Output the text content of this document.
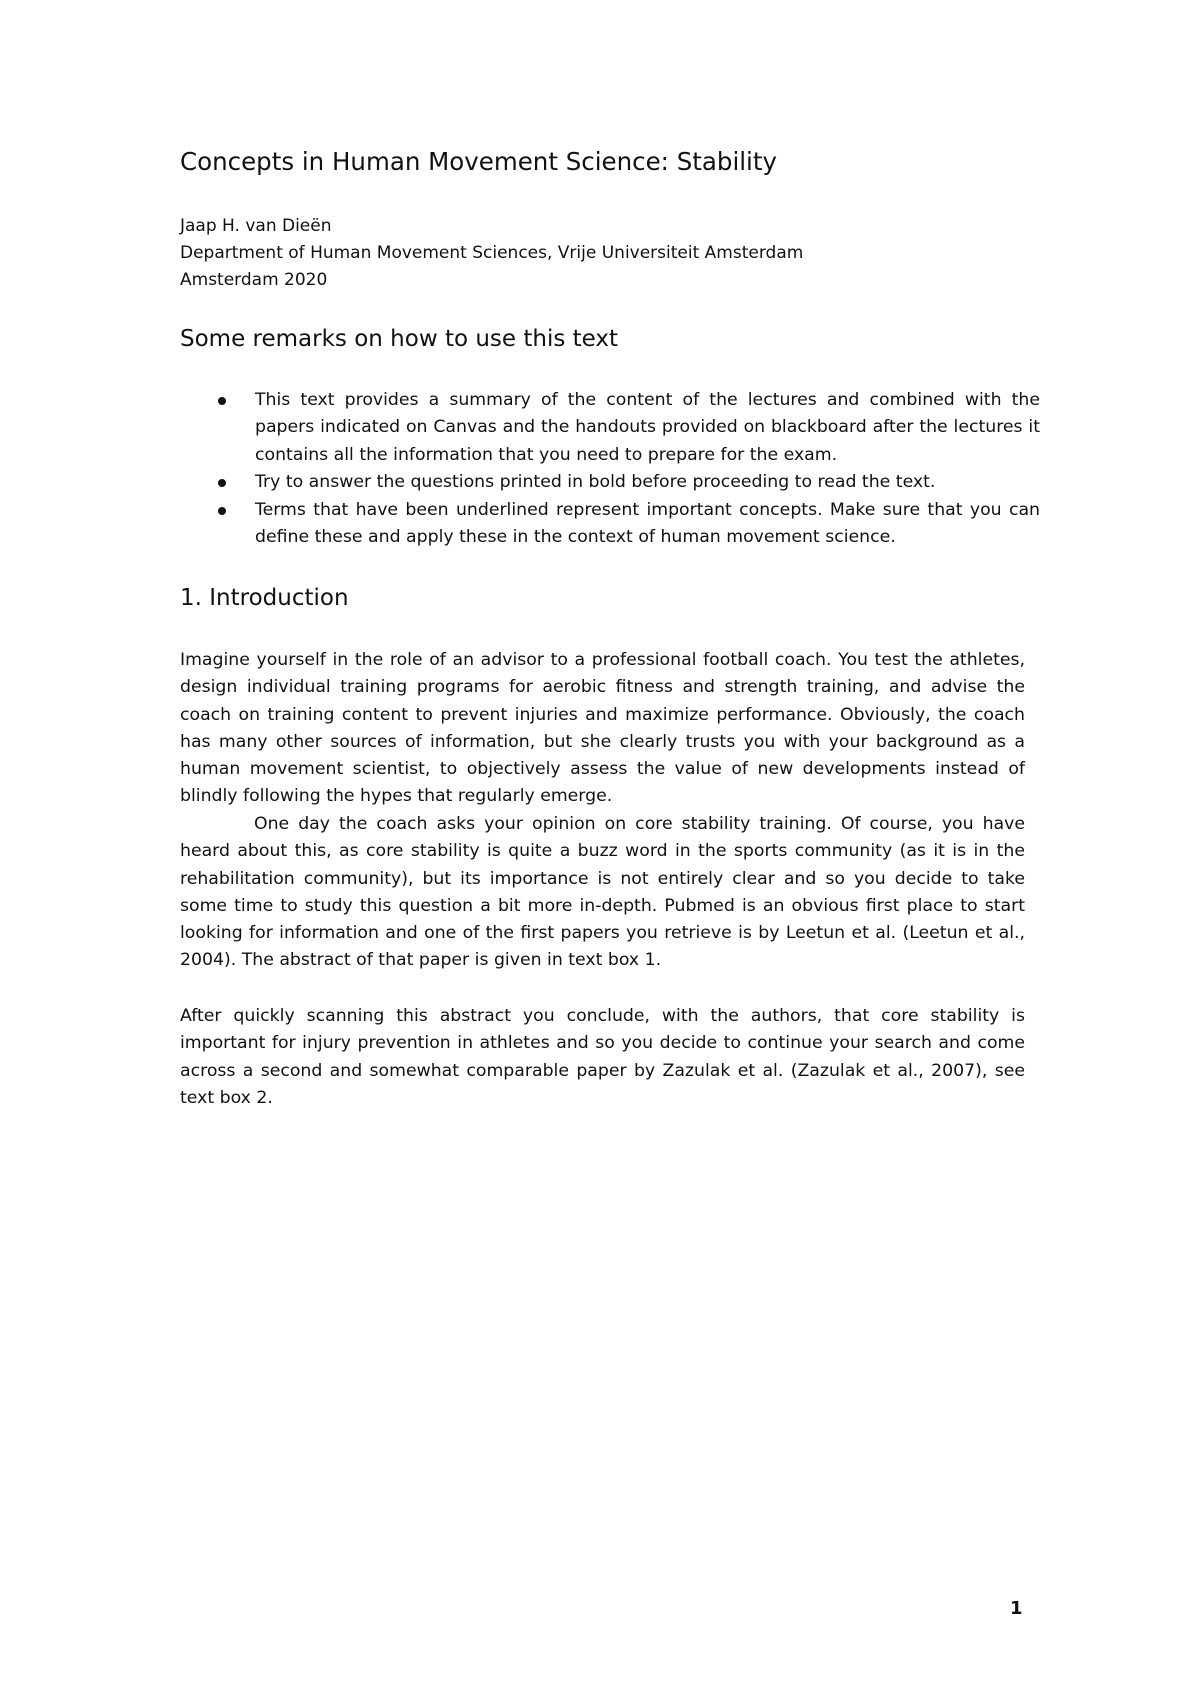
Concepts in Human Movement Science: Stability

Jaap H. van Dieën

Department of Human Movement Sciences, Vrije Universiteit Amsterdam

Amsterdam 2020

Some remarks on how to use this text
This text provides a summary of the content of the lectures and combined with the papers indicated on Canvas and the handouts provided on blackboard after the lectures it contains all the information that you need to prepare for the exam.
Try to answer the questions printed in bold before proceeding to read the text.
Terms that have been underlined represent important concepts. Make sure that you can define these and apply these in the context of human movement science.
1. Introduction

Imagine yourself in the role of an advisor to a professional football coach. You test the athletes, design individual training programs for aerobic fitness and strength training, and advise the coach on training content to prevent injuries and maximize performance. Obviously, the coach has many other sources of information, but she clearly trusts you with your background as a human movement scientist, to objectively assess the value of new developments instead of blindly following the hypes that regularly emerge.

One day the coach asks your opinion on core stability training. Of course, you have heard about this, as core stability is quite a buzz word in the sports community (as it is in the rehabilitation community), but its importance is not entirely clear and so you decide to take some time to study this question a bit more in-depth. Pubmed is an obvious first place to start looking for information and one of the first papers you retrieve is by Leetun et al. (Leetun et al., 2004). The abstract of that paper is given in text box 1.

After quickly scanning this abstract you conclude, with the authors, that core stability is important for injury prevention in athletes and so you decide to continue your search and come across a second and somewhat comparable paper by Zazulak et al. (Zazulak et al., 2007), see text box 2.

1
